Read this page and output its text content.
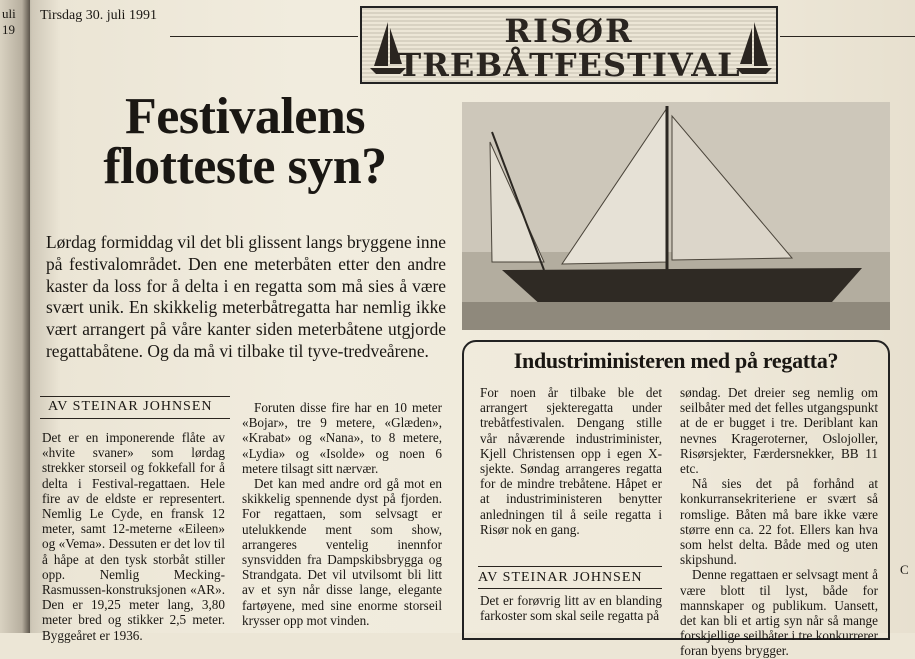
uli 19
Tirsdag 30. juli 1991	RISØR
TREBÅTFESTIVAL
Festivalens
flotteste syn?
Lørdag formiddag vil det bli glissent langs bryggene inne på festivalområdet. Den ene meterbåten etter den andre kaster da loss for å delta i en regatta som må sies å være svært unik. En skikkelig meterbåtregatta har nemlig ikke vært arrangert på våre kanter siden meterbåtene utgjorde regattabåtene. Og da må vi tilbake til tyve-tredveårene.
AV STEINAR JOHNSEN

Det er en imponerende flåte av «hvite svaner» som lørdag strekker storseil og fokkefall for å delta i Festival-regattaen. Hele fire av de eldste er representert. Nemlig Le Cyde, en fransk 12 meter, samt 12-meterne «Eileen» og «Vema». Dessuten er det lov til å håpe at den tysk storbåt stiller opp. Nemlig Mecking-Rasmussen-konstruksjonen «AR». Den er 19,25 meter lang, 3,80 meter bred og stikker 2,5 meter. Byggeåret er 1936.

Foruten disse fire har en 10 meter «Bojar», tre 9 metere, «Glæden», «Krabat» og «Nana», to 8 metere, «Lydia» og «Isolde» og noen 6 metere tilsagt sitt nærvær.

Det kan med andre ord gå mot en skikkelig spennende dyst på fjorden. For regattaen, som selvsagt er utelukkende ment som show, arrangeres ventelig inennfor synsvidden fra Dampskibsbrygga og Strandgata. Det vil utvilsomt bli litt av et syn når disse lange, elegante fartøyene, med sine enorme storseil krysser opp mot vinden.

Industriministeren med på regatta?

For noen år tilbake ble det arrangert sjekteregatta under trebåtfestivalen. Dengang stille vår nåværende industriminister, Kjell Christensen opp i egen X-sjekte. Søndag arrangeres regatta for de mindre trebåtene. Håpet er at industriministeren benytter anledningen til å seile regatta i Risør nok en gang.

AV STEINAR JOHNSEN

Det er forøvrig litt av en blanding farkoster som skal seile regatta på

søndag. Det dreier seg nemlig om seilbåter med det felles utgangspunkt at de er bugget i tre. Deriblant kan nevnes Krageroterner, Oslojoller, Risørsjekter, Færdersnekker, BB 11 etc.

Nå sies det på forhånd at konkurransekriteriene er svært så romslige. Båten må bare ikke være større enn ca. 22 fot. Ellers kan hva som helst delta. Både med og uten skipshund.

Denne regattaen er selvsagt ment å være blott til lyst, både for mannskaper og publikum. Uansett, det kan bli et artig syn når så mange forskjellige seilbåter i tre konkurrerer foran byens brygger.

C
